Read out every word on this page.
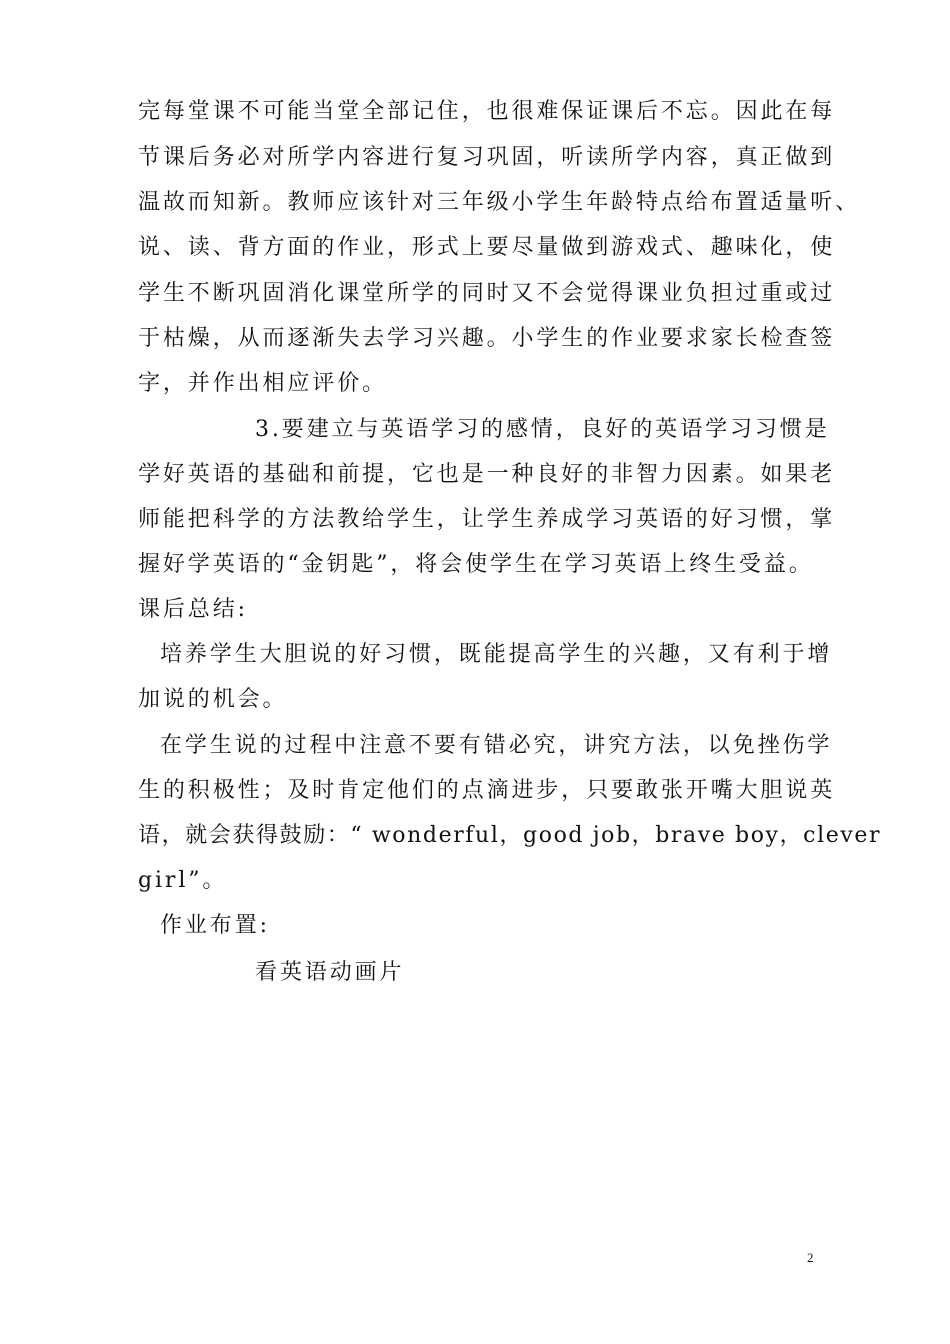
完每堂课不可能当堂全部记住，也很难保证课后不忘。因此在每
节课后务必对所学内容进行复习巩固，听读所学内容，真正做到
温故而知新。教师应该针对三年级小学生年龄特点给布置适量听、
说、读、背方面的作业，形式上要尽量做到游戏式、趣味化，使
学生不断巩固消化课堂所学的同时又不会觉得课业负担过重或过
于枯燥，从而逐渐失去学习兴趣。小学生的作业要求家长检查签
字，并作出相应评价。
3.要建立与英语学习的感情，良好的英语学习习惯是
学好英语的基础和前提，它也是一种良好的非智力因素。如果老
师能把科学的方法教给学生，让学生养成学习英语的好习惯，掌
握好学英语的“金钥匙”，将会使学生在学习英语上终生受益。
课后总结:
培养学生大胆说的好习惯，既能提高学生的兴趣，又有利于增
加说的机会。
在学生说的过程中注意不要有错必究，讲究方法，以免挫伤学
生的积极性；及时肯定他们的点滴进步，只要敢张开嘴大胆说英
语，就会获得鼓励：“ wonderful，good job，brave boy，clever
girl”。
作业布置:
看英语动画片
2
